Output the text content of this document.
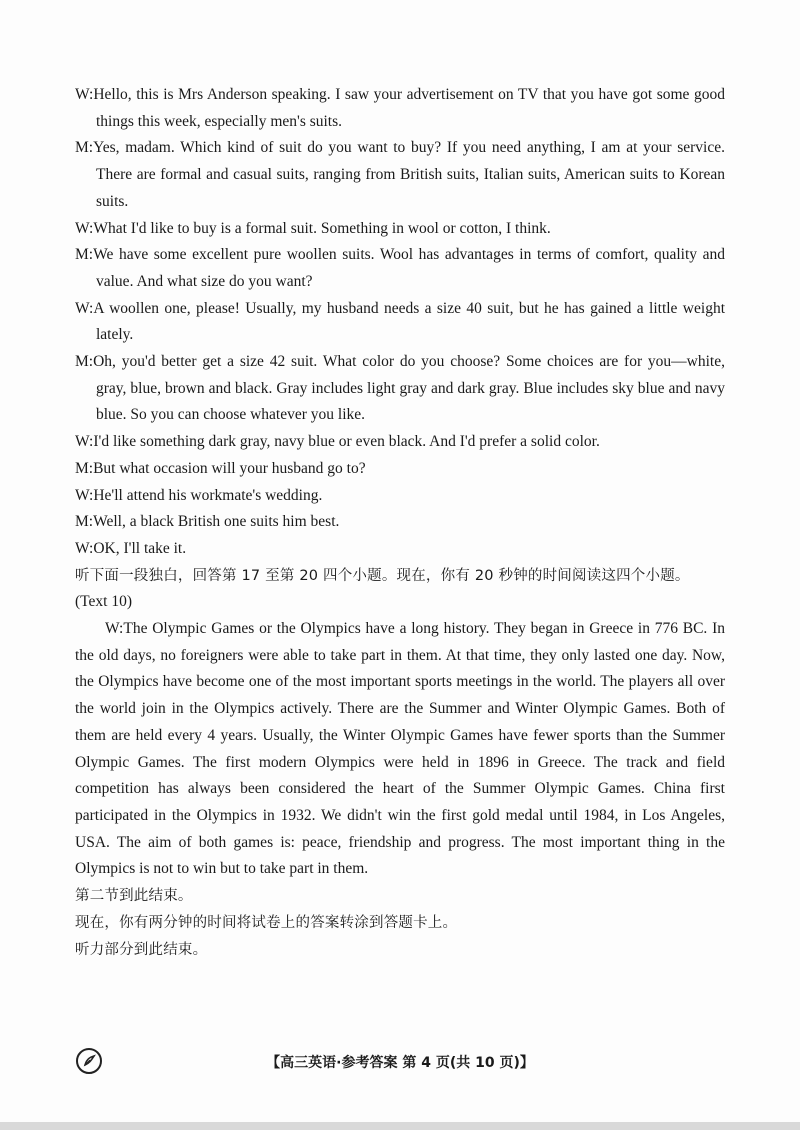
W:Hello, this is Mrs Anderson speaking. I saw your advertisement on TV that you have got some good things this week, especially men's suits.

M:Yes, madam. Which kind of suit do you want to buy? If you need anything, I am at your service. There are formal and casual suits, ranging from British suits, Italian suits, American suits to Korean suits.

W:What I'd like to buy is a formal suit. Something in wool or cotton, I think.

M:We have some excellent pure woollen suits. Wool has advantages in terms of comfort, quality and value. And what size do you want?

W:A woollen one, please! Usually, my husband needs a size 40 suit, but he has gained a little weight lately.

M:Oh, you'd better get a size 42 suit. What color do you choose? Some choices are for you—white, gray, blue, brown and black. Gray includes light gray and dark gray. Blue includes sky blue and navy blue. So you can choose whatever you like.

W:I'd like something dark gray, navy blue or even black. And I'd prefer a solid color.

M:But what occasion will your husband go to?

W:He'll attend his workmate's wedding.

M:Well, a black British one suits him best.

W:OK, I'll take it.

听下面一段独白，回答第 17 至第 20 四个小题。现在，你有 20 秒钟的时间阅读这四个小题。

(Text 10)

W:The Olympic Games or the Olympics have a long history. They began in Greece in 776 BC. In the old days, no foreigners were able to take part in them. At that time, they only lasted one day. Now, the Olympics have become one of the most important sports meetings in the world. The players all over the world join in the Olympics actively. There are the Summer and Winter Olympic Games. Both of them are held every 4 years. Usually, the Winter Olympic Games have fewer sports than the Summer Olympic Games. The first modern Olympics were held in 1896 in Greece. The track and field competition has always been considered the heart of the Summer Olympic Games. China first participated in the Olympics in 1932. We didn't win the first gold medal until 1984, in Los Angeles, USA. The aim of both games is: peace, friendship and progress. The most important thing in the Olympics is not to win but to take part in them.

第二节到此结束。

现在，你有两分钟的时间将试卷上的答案转涂到答题卡上。

听力部分到此结束。

【高三英语·参考答案 第 4 页(共 10 页)】
